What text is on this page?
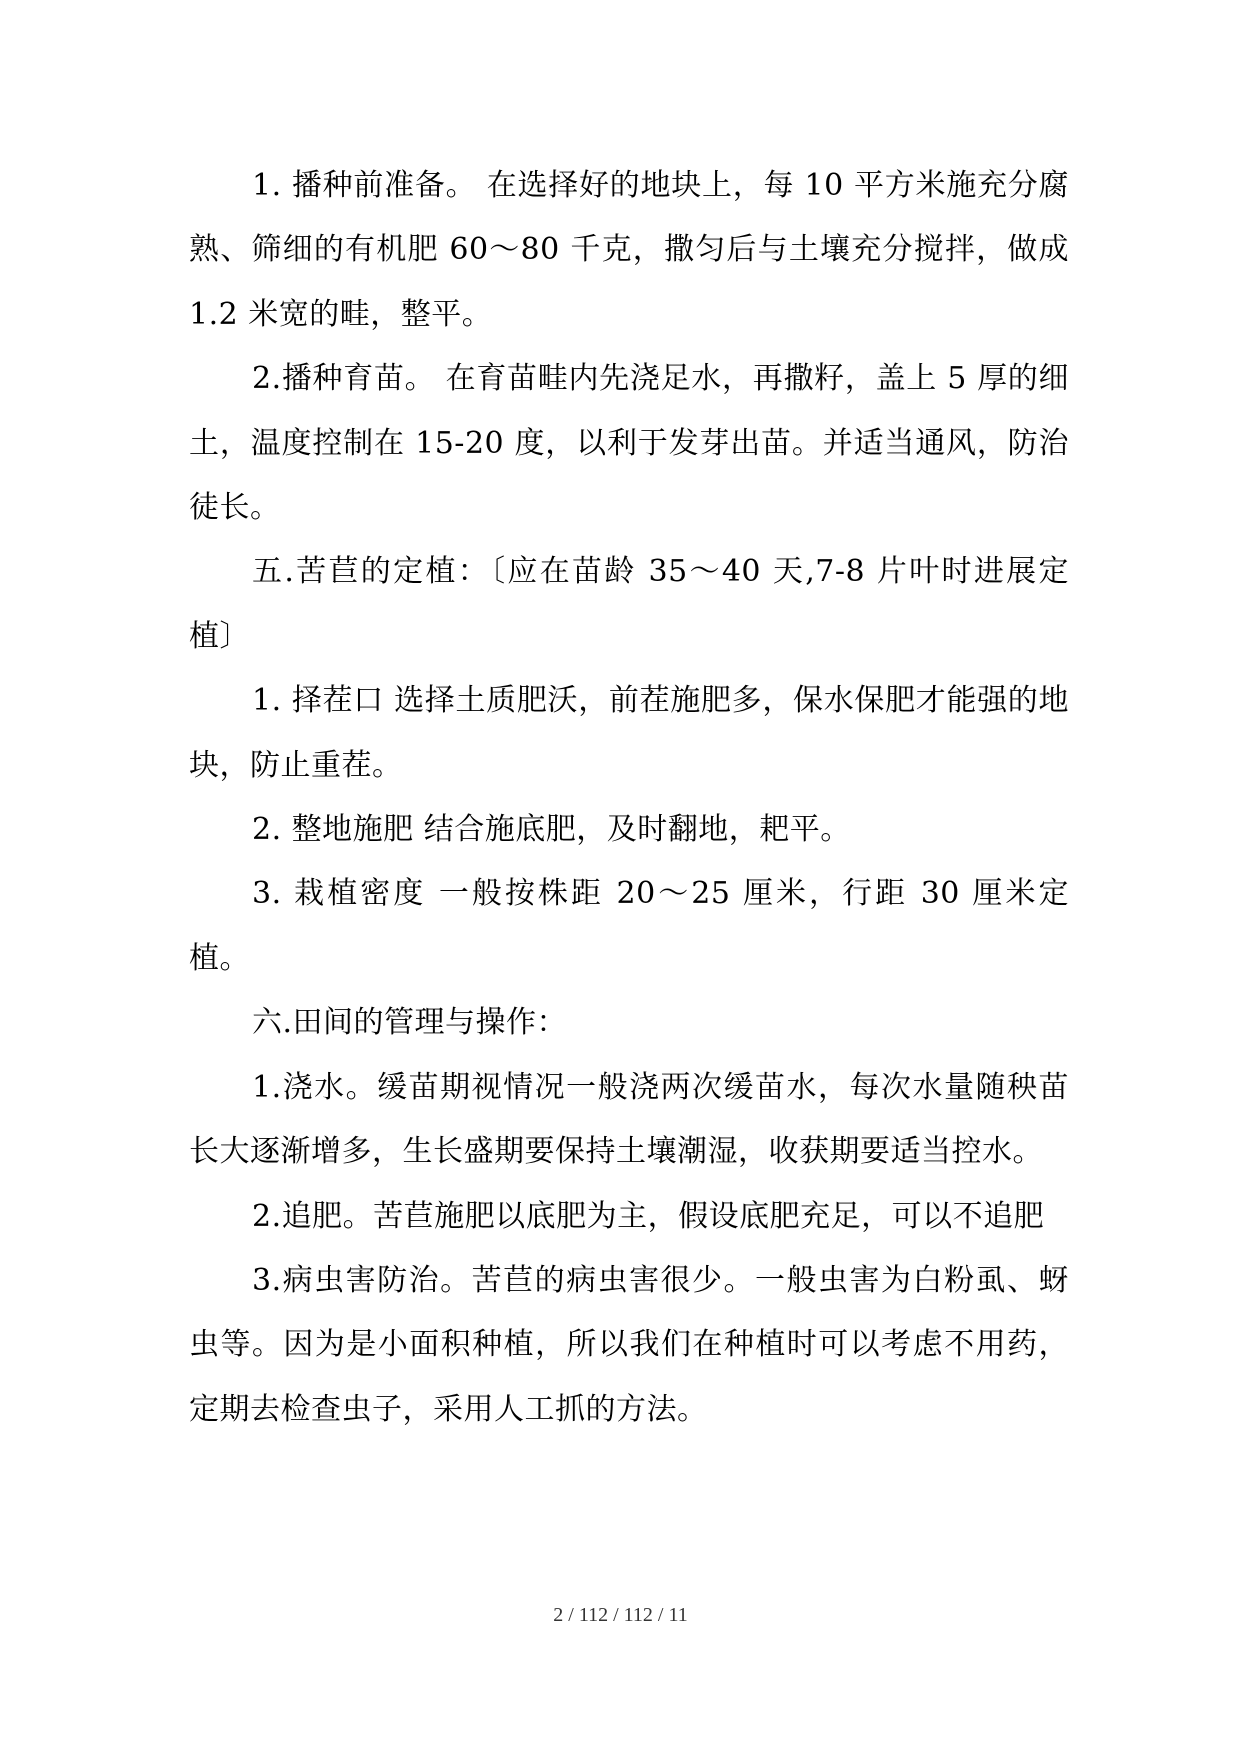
1. 播种前准备。 在选择好的地块上，每 10 平方米施充分腐熟、筛细的有机肥 60～80 千克，撒匀后与土壤充分搅拌，做成 1.2 米宽的畦，整平。

2.播种育苗。 在育苗畦内先浇足水，再撒籽，盖上 5 厚的细土，温度控制在 15-20 度，以利于发芽出苗。并适当通风，防治徒长。

五.苦苣的定植：〔应在苗龄 35～40 天,7-8 片叶时进展定植〕

1. 择茬口 选择土质肥沃，前茬施肥多，保水保肥才能强的地块，防止重茬。

2. 整地施肥 结合施底肥，及时翻地，耙平。

3. 栽植密度 一般按株距 20～25 厘米，行距 30 厘米定植。

六.田间的管理与操作：

1.浇水。缓苗期视情况一般浇两次缓苗水，每次水量随秧苗长大逐渐增多，生长盛期要保持土壤潮湿，收获期要适当控水。

2.追肥。苦苣施肥以底肥为主，假设底肥充足，可以不追肥

3.病虫害防治。苦苣的病虫害很少。一般虫害为白粉虱、蚜虫等。因为是小面积种植，所以我们在种植时可以考虑不用药，定期去检查虫子，采用人工抓的方法。

2 / 112 / 112 / 11
